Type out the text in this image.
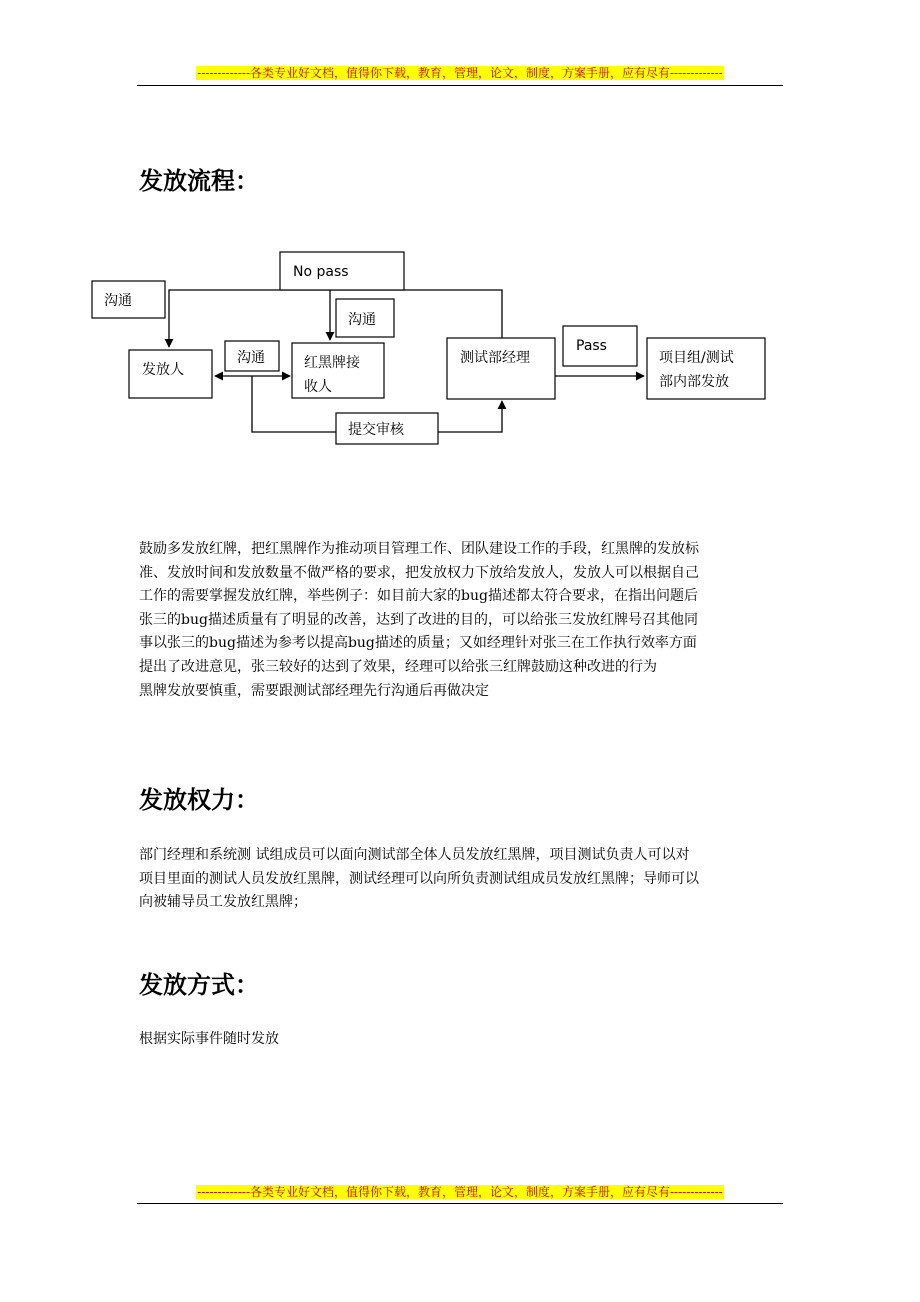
-------------各类专业好文档，值得你下载，教育，管理，论文，制度，方案手册，应有尽有-------------
发放流程：
No pass
沟通
沟通
发放人
沟通	红黑牌接
收人
测试部经理
Pass
项目组/测试
部内部发放
提交审核

鼓励多发放红牌，把红黑牌作为推动项目管理工作、团队建设工作的手段，红黑牌的发放标

准、发放时间和发放数量不做严格的要求，把发放权力下放给发放人，发放人可以根据自己

工作的需要掌握发放红牌，举些例子：如目前大家的bug描述都太符合要求，在指出问题后

张三的bug描述质量有了明显的改善，达到了改进的目的，可以给张三发放红牌号召其他同

事以张三的bug描述为参考以提高bug描述的质量；又如经理针对张三在工作执行效率方面

提出了改进意见，张三较好的达到了效果，经理可以给张三红牌鼓励这种改进的行为

黑牌发放要慎重，需要跟测试部经理先行沟通后再做决定

发放权力：

部门经理和系统测 试组成员可以面向测试部全体人员发放红黑牌，项目测试负责人可以对

项目里面的测试人员发放红黑牌，测试经理可以向所负责测试组成员发放红黑牌；导师可以

向被辅导员工发放红黑牌；

发放方式：

根据实际事件随时发放

-------------各类专业好文档，值得你下载，教育，管理，论文，制度，方案手册，应有尽有-------------
